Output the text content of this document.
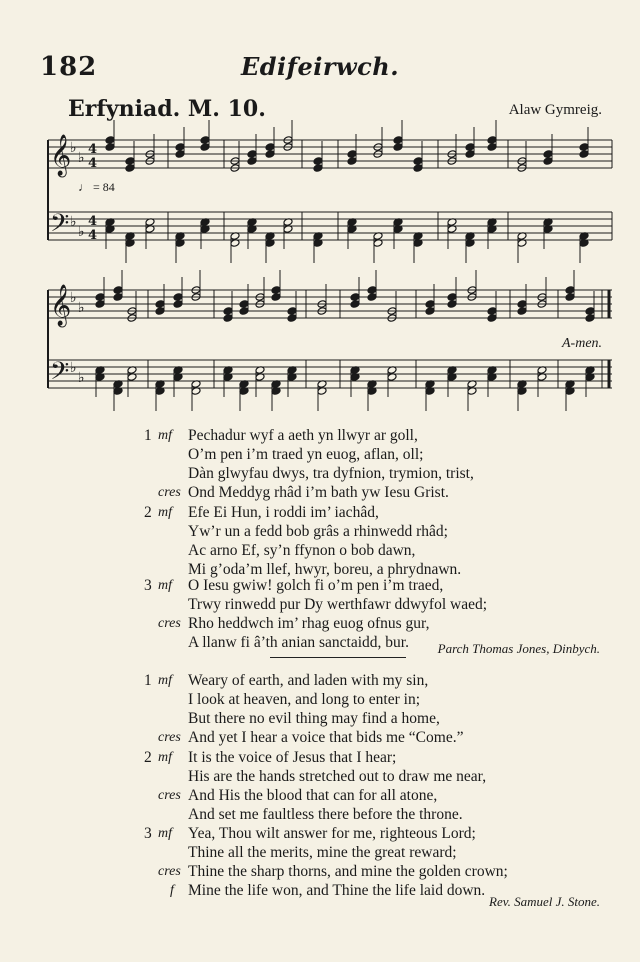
182	Edifeirwch.
Erfyniad. M. 10.	Alaw Gymreig.
𝄞
𝄢
𝄞
𝄢
♭
♭
♭
♭
♭
♭
♭
♭
4
4
4
4
♩ = 84
A-men.
1 mf Pechadur wyf a aeth yn llwyr ar goll,
O’m pen i’m traed yn euog, aflan, oll;
Dàn glwyfau dwys, tra dyfnion, trymion, trist,
cres Ond Meddyg rhâd i’m bath yw Iesu Grist.
2 mf Efe Ei Hun, i roddi im’ iachâd,
Yw’r un a fedd bob grâs a rhinwedd rhâd;
Ac arno Ef, sy’n ffynon o bob dawn,
Mi g’oda’m llef, hwyr, boreu, a phrydnawn.
3 mf O Iesu gwiw! golch fi o’m pen i’m traed,
Trwy rinwedd pur Dy werthfawr ddwyfol waed;
cres Rho heddwch im’ rhag euog ofnus gur,
A llanw fi â’th anian sanctaidd, bur. Parch Thomas Jones, Dinbych.
1 mf Weary of earth, and laden with my sin,
I look at heaven, and long to enter in;
But there no evil thing may find a home,
cres And yet I hear a voice that bids me “Come.”
2 mf It is the voice of Jesus that I hear;
His are the hands stretched out to draw me near,
cres And His the blood that can for all atone,
And set me faultless there before the throne.
3 mf Yea, Thou wilt answer for me, righteous Lord;
Thine all the merits, mine the great reward;
cres Thine the sharp thorns, and mine the golden crown;
f Mine the life won, and Thine the life laid down.
Rev. Samuel J. Stone.
